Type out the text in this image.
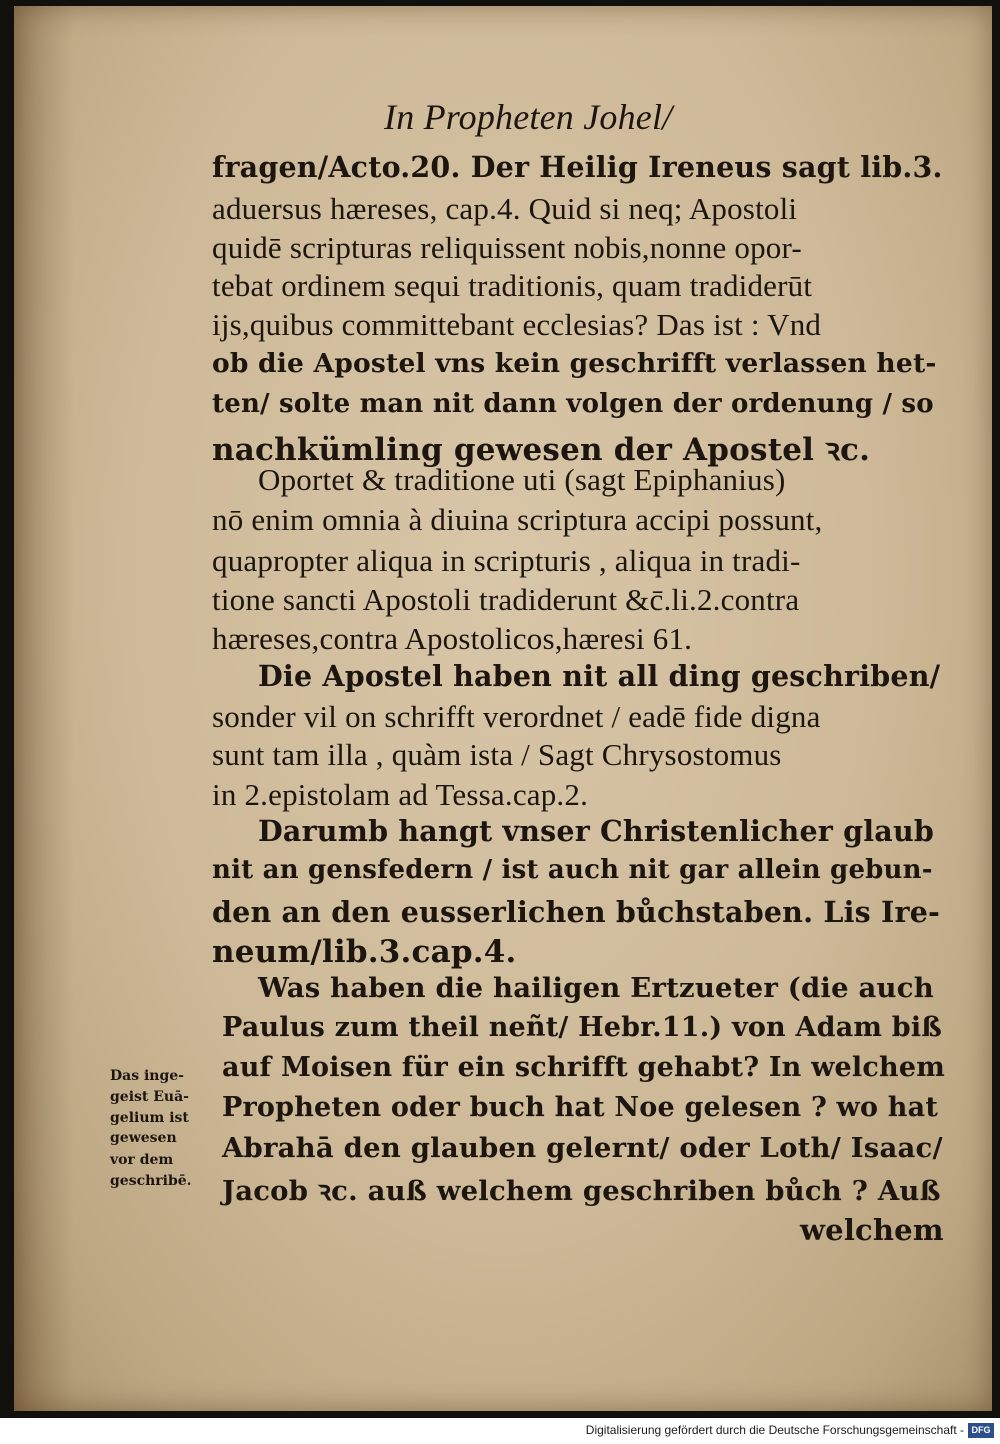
In Propheten Johel/
fragen/Acto.20. Der Heilig Ireneus sagt lib.3.
aduersus hæreses, cap.4. Quid si neq; Apostoli
quidē scripturas reliquissent nobis,nonne opor-
tebat ordinem sequi traditionis, quam tradiderūt
ijs,quibus committebant ecclesias? Das ist : Vnd
ob die Apostel vns kein geschrifft verlassen het-
ten/ solte man nit dann volgen der ordenung / so
nachkümling gewesen der Apostel ꝛc.
Oportet & traditione uti (sagt Epiphanius)
nō enim omnia à diuina scriptura accipi possunt,
quapropter aliqua in scripturis , aliqua in tradi-
tione sancti Apostoli tradiderunt &c̄.li.2.contra
hæreses,contra Apostolicos,hæresi 61.
Die Apostel haben nit all ding geschriben/
sonder vil on schrifft verordnet / eadē fide digna
sunt tam illa , quàm ista / Sagt Chrysostomus
in 2.epistolam ad Tessa.cap.2.
Darumb hangt vnser Christenlicher glaub
nit an gensfedern / ist auch nit gar allein gebun-
den an den eusserlichen bůchstaben. Lis Ire-
neum/lib.3.cap.4.
Was haben die hailigen Ertzueter (die auch
Paulus zum theil neñt/ Hebr.11.) von Adam biß
auf Moisen für ein schrifft gehabt? In welchem
Propheten oder buch hat Noe gelesen ? wo hat
Abrahā den glauben gelernt/ oder Loth/ Isaac/
Jacob ꝛc. auß welchem geschriben bůch ? Auß
welchem
Das inge-
geist Euā-
gelium ist
gewesen
vor dem
geschribē.
Digitalisierung gefördert durch die Deutsche Forschungsgemeinschaft - DFG
